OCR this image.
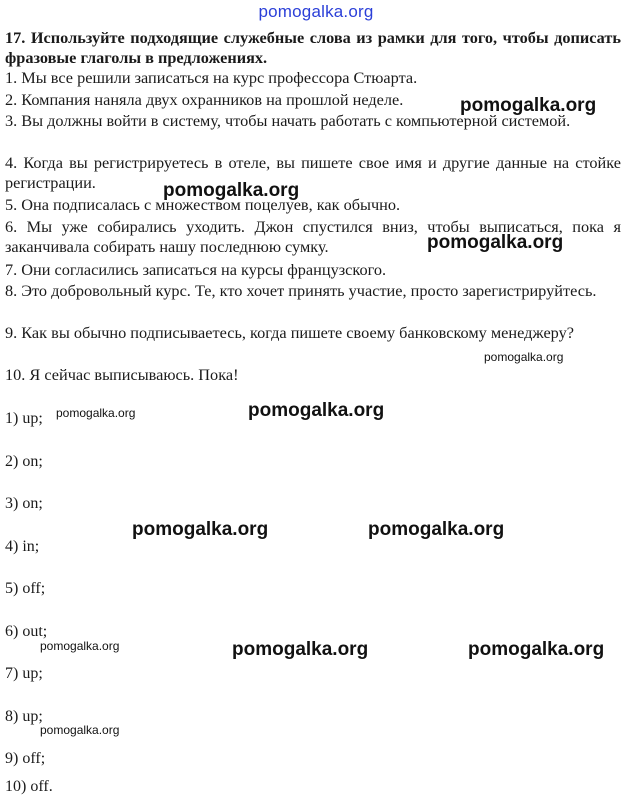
pomogalka.org
17. Используйте подходящие служебные слова из рамки для того, чтобы дописать фразовые глаголы в предложениях.
1. Мы все решили записаться на курс профессора Стюарта.
2. Компания наняла двух охранников на прошлой неделе.
3. Вы должны войти в систему, чтобы начать работать с компьютерной системой.
4. Когда вы регистрируетесь в отеле, вы пишете свое имя и другие данные на стойке регистрации.
5. Она подписалась с множеством поцелуев, как обычно.
6. Мы уже собирались уходить. Джон спустился вниз, чтобы выписаться, пока я заканчивала собирать нашу последнюю сумку.
7. Они согласились записаться на курсы французского.
8. Это добровольный курс. Те, кто хочет принять участие, просто зарегистрируйтесь.
9. Как вы обычно подписываетесь, когда пишете своему банковскому менеджеру?
10. Я сейчас выписываюсь. Пока!
1) up;
2) on;
3) on;
4) in;
5) off;
6) out;
7) up;
8) up;
9) off;
10) off.
pomogalka.org
pomogalka.org
pomogalka.org
pomogalka.org
pomogalka.org	pomogalka.org
pomogalka.org	pomogalka.org
pomogalka.org	pomogalka.org	pomogalka.org
pomogalka.org
